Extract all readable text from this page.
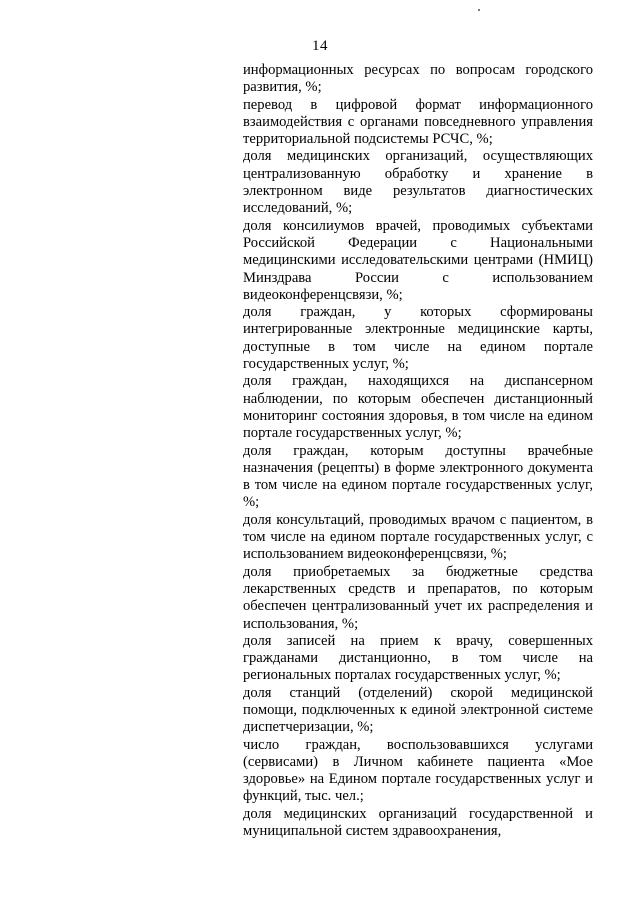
14

информационных ресурсах по вопросам городского развития, %;

перевод в цифровой формат информационного взаимодействия с органами повседневного управления территориальной подсистемы РСЧС, %;

доля медицинских организаций, осуществляющих централизованную обработку и хранение в электронном виде результатов диагностических исследований, %;

доля консилиумов врачей, проводимых субъектами Российской Федерации с Национальными медицинскими исследовательскими центрами (НМИЦ) Минздрава России с использованием видеоконференцсвязи, %;

доля граждан, у которых сформированы интегрированные электронные медицинские карты, доступные в том числе на едином портале государственных услуг, %;

доля граждан, находящихся на диспансерном наблюдении, по которым обеспечен дистанционный мониторинг состояния здоровья, в том числе на едином портале государственных услуг, %;

доля граждан, которым доступны врачебные назначения (рецепты) в форме электронного документа в том числе на едином портале государственных услуг, %;

доля консультаций, проводимых врачом с пациентом, в том числе на едином портале государственных услуг, с использованием видеоконференцсвязи, %;

доля приобретаемых за бюджетные средства лекарственных средств и препаратов, по которым обеспечен централизованный учет их распределения и использования, %;

доля записей на прием к врачу, совершенных гражданами дистанционно, в том числе на региональных порталах государственных услуг, %;

доля станций (отделений) скорой медицинской помощи, подключенных к единой электронной системе диспетчеризации, %;

число граждан, воспользовавшихся услугами (сервисами) в Личном кабинете пациента «Мое здоровье» на Едином портале государственных услуг и функций, тыс. чел.;

доля медицинских организаций государственной и муниципальной систем здравоохранения,
